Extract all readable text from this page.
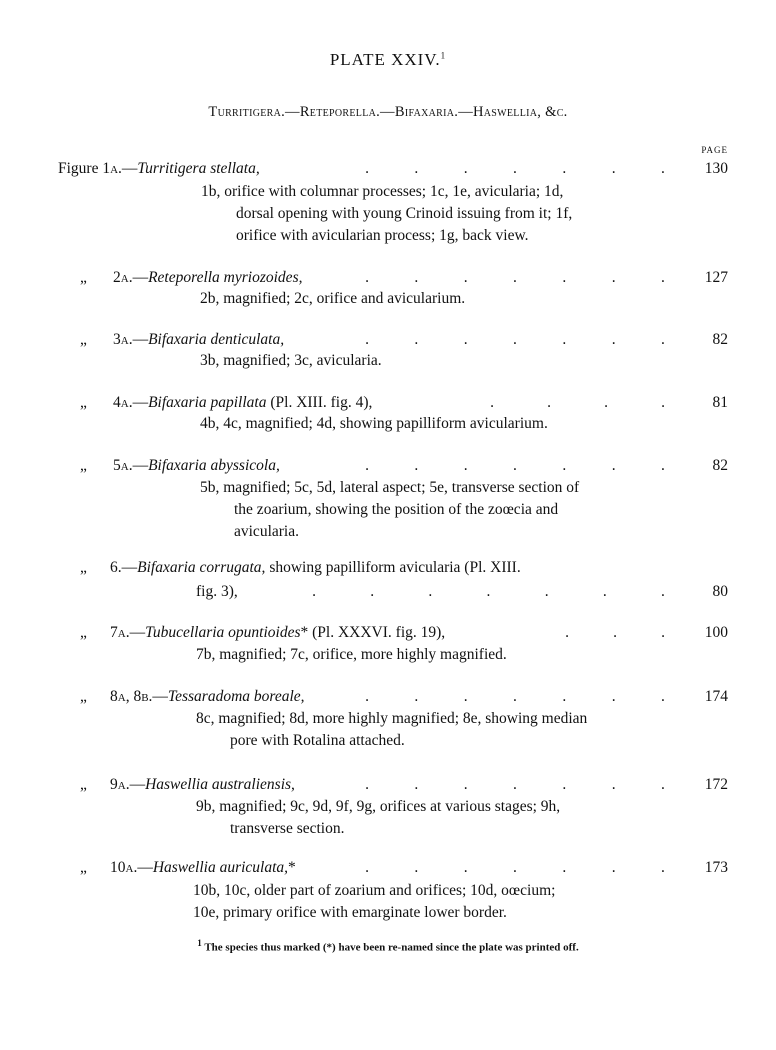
PLATE XXIV.$^1$
Turritigera.—Reteporella.—Bifaxaria.—Haswellia, &c.
PAGE
Figure 1a.—Turritigera stellata,	.	.	.	.	.	.	.	130
1b, orifice with columnar processes; 1c, 1e, avicularia; 1d,
dorsal opening with young Crinoid issuing from it; 1f,
orifice with avicularian process; 1g, back view.
„ 2a.—Reteporella myriozoides,	.	.	.	.	.	.	.	127
2b, magnified; 2c, orifice and avicularium.
„ 3a.—Bifaxaria denticulata,	.	.	.	.	.	.	.	82
3b, magnified; 3c, avicularia.
„ 4a.—Bifaxaria papillata (Pl. XIII. fig. 4),	.	.	.	.	81
4b, 4c, magnified; 4d, showing papilliform avicularium.
„ 5a.—Bifaxaria abyssicola,	.	.	.	.	.	.	.	82
5b, magnified; 5c, 5d, lateral aspect; 5e, transverse section of
the zoarium, showing the position of the zoœcia and
avicularia.
„ 6.—Bifaxaria corrugata, showing papilliform avicularia (Pl. XIII.
fig. 3),	.	.	.	.	.	.	.	80
„ 7a.—Tubucellaria opuntioides* (Pl. XXXVI. fig. 19),	.	.	.	100
7b, magnified; 7c, orifice, more highly magnified.
„ 8a, 8b.—Tessaradoma boreale,	.	.	.	.	.	.	.	174
8c, magnified; 8d, more highly magnified; 8e, showing median
pore with Rotalina attached.
„ 9a.—Haswellia australiensis,	.	.	.	.	.	.	.	172
9b, magnified; 9c, 9d, 9f, 9g, orifices at various stages; 9h,
transverse section.
„ 10a.—Haswellia auriculata,*	.	.	.	.	.	.	.	173
10b, 10c, older part of zoarium and orifices; 10d, oœcium;
10e, primary orifice with emarginate lower border.
$^1$ The species thus marked (*) have been re-named since the plate was printed off.
